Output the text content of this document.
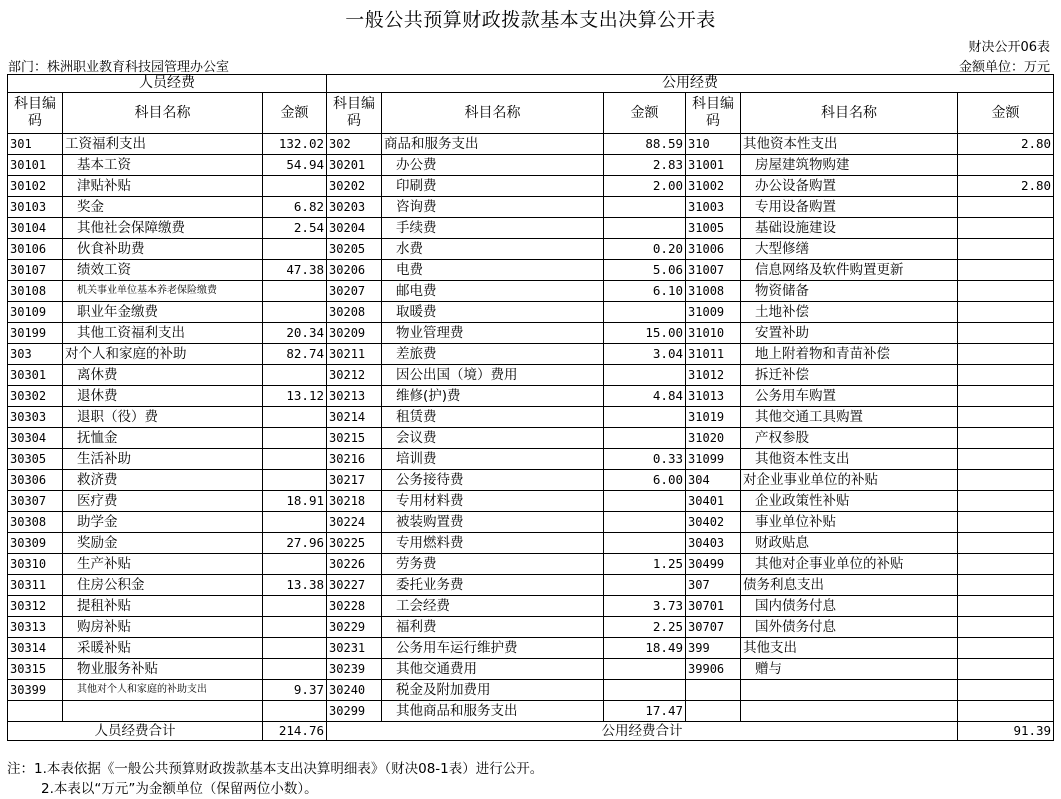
一般公共预算财政拨款基本支出决算公开表
财决公开06表
部门：株洲职业教育科技园管理办公室	金额单位：万元
人员经费			公用经费					
科目编码	科目名称	金额	科目编码	科目名称	金额	科目编码	科目名称	金额
301	工资福利支出	132.02	302	商品和服务支出	88.59	310	其他资本性支出	2.80
30101	基本工资	54.94	30201	办公费	2.83	31001	房屋建筑物购建	
30102	津贴补贴		30202	印刷费	2.00	31002	办公设备购置	2.80
30103	奖金	6.82	30203	咨询费		31003	专用设备购置	
30104	其他社会保障缴费	2.54	30204	手续费		31005	基础设施建设	
30106	伙食补助费		30205	水费	0.20	31006	大型修缮	
30107	绩效工资	47.38	30206	电费	5.06	31007	信息网络及软件购置更新	
30108	机关事业单位基本养老保险缴费		30207	邮电费	6.10	31008	物资储备	
30109	职业年金缴费		30208	取暖费		31009	土地补偿	
30199	其他工资福利支出	20.34	30209	物业管理费	15.00	31010	安置补助	
303	对个人和家庭的补助	82.74	30211	差旅费	3.04	31011	地上附着物和青苗补偿	
30301	离休费		30212	因公出国（境）费用		31012	拆迁补偿	
30302	退休费	13.12	30213	维修(护)费	4.84	31013	公务用车购置	
30303	退职（役）费		30214	租赁费		31019	其他交通工具购置	
30304	抚恤金		30215	会议费		31020	产权参股	
30305	生活补助		30216	培训费	0.33	31099	其他资本性支出	
30306	救济费		30217	公务接待费	6.00	304	对企业事业单位的补贴	
30307	医疗费	18.91	30218	专用材料费		30401	企业政策性补贴	
30308	助学金		30224	被装购置费		30402	事业单位补贴	
30309	奖励金	27.96	30225	专用燃料费		30403	财政贴息	
30310	生产补贴		30226	劳务费	1.25	30499	其他对企事业单位的补贴	
30311	住房公积金	13.38	30227	委托业务费		307	债务利息支出	
30312	提租补贴		30228	工会经费	3.73	30701	国内债务付息	
30313	购房补贴		30229	福利费	2.25	30707	国外债务付息	
30314	采暖补贴		30231	公务用车运行维护费	18.49	399	其他支出	
30315	物业服务补贴		30239	其他交通费用		39906	赠与	
30399	其他对个人和家庭的补助支出	9.37	30240	税金及附加费用				
			30299	其他商品和服务支出	17.47			
人员经费合计		214.76	公用经费合计					91.39
注：1.本表依据《一般公共预算财政拨款基本支出决算明细表》（财决08-1表）进行公开。
2.本表以“万元”为金额单位（保留两位小数）。
